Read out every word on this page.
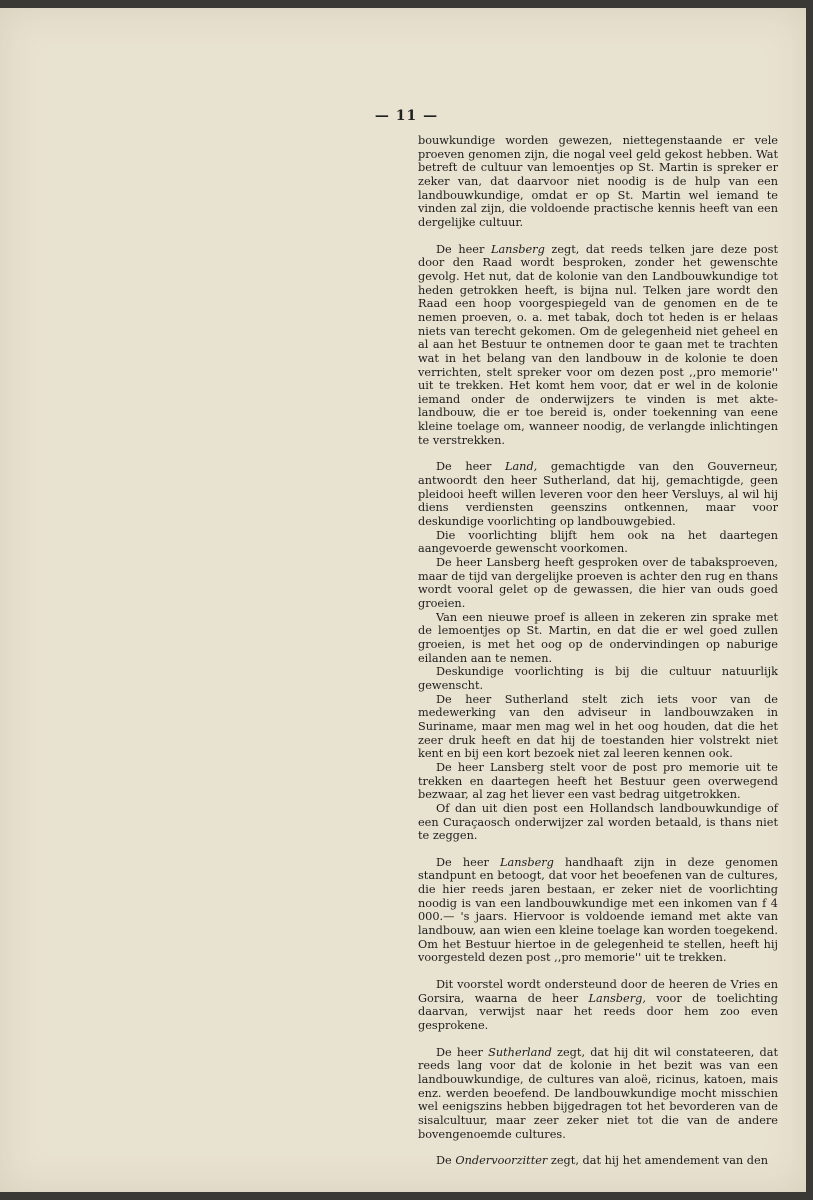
— 11 —

bouwkundige worden gewezen, niettegenstaande er vele proeven genomen zijn, die nogal veel geld gekost hebben. Wat betreft de cultuur van lemoentjes op St. Martin is spreker er zeker van, dat daarvoor niet noodig is de hulp van een landbouwkundige, omdat er op St. Martin wel iemand te vinden zal zijn, die voldoende practische kennis heeft van een dergelijke cultuur.

De heer Lansberg zegt, dat reeds telken jare deze post door den Raad wordt besproken, zonder het gewenschte gevolg. Het nut, dat de kolonie van den Landbouwkundige tot heden getrokken heeft, is bijna nul. Telken jare wordt den Raad een hoop voorgespiegeld van de genomen en de te nemen proeven, o. a. met tabak, doch tot heden is er helaas niets van terecht gekomen. Om de gelegenheid niet geheel en al aan het Bestuur te ontnemen door te gaan met te trachten wat in het belang van den landbouw in de kolonie te doen verrichten, stelt spreker voor om dezen post ,,pro memorie'' uit te trekken. Het komt hem voor, dat er wel in de kolonie iemand onder de onderwijzers te vinden is met akte-landbouw, die er toe bereid is, onder toekenning van eene kleine toelage om, wanneer noodig, de verlangde inlichtingen te verstrekken.

De heer Land, gemachtigde van den Gouverneur, antwoordt den heer Sutherland, dat hij, gemachtigde, geen pleidooi heeft willen leveren voor den heer Versluys, al wil hij diens verdiensten geenszins ontkennen, maar voor deskundige voorlichting op landbouwgebied.

Die voorlichting blijft hem ook na het daartegen aangevoerde gewenscht voorkomen.

De heer Lansberg heeft gesproken over de tabaksproeven, maar de tijd van dergelijke proeven is achter den rug en thans wordt vooral gelet op de gewassen, die hier van ouds goed groeien.

Van een nieuwe proef is alleen in zekeren zin sprake met de lemoentjes op St. Martin, en dat die er wel goed zullen groeien, is met het oog op de ondervindingen op naburige eilanden aan te nemen.

Deskundige voorlichting is bij die cultuur natuurlijk gewenscht.

De heer Sutherland stelt zich iets voor van de medewerking van den adviseur in landbouwzaken in Suriname, maar men mag wel in het oog houden, dat die het zeer druk heeft en dat hij de toestanden hier volstrekt niet kent en bij een kort bezoek niet zal leeren kennen ook.

De heer Lansberg stelt voor de post pro memorie uit te trekken en daartegen heeft het Bestuur geen overwegend bezwaar, al zag het liever een vast bedrag uitgetrokken.

Of dan uit dien post een Hollandsch landbouwkundige of een Curaçaosch onderwijzer zal worden betaald, is thans niet te zeggen.

De heer Lansberg handhaaft zijn in deze genomen standpunt en betoogt, dat voor het beoefenen van de cultures, die hier reeds jaren bestaan, er zeker niet de voorlichting noodig is van een landbouwkundige met een inkomen van f 4 000.— 's jaars. Hiervoor is voldoende iemand met akte van landbouw, aan wien een kleine toelage kan worden toegekend. Om het Bestuur hiertoe in de gelegenheid te stellen, heeft hij voorgesteld dezen post ,,pro memorie'' uit te trekken.

Dit voorstel wordt ondersteund door de heeren de Vries en Gorsira, waarna de heer Lansberg, voor de toelichting daarvan, verwijst naar het reeds door hem zoo even gesprokene.

De heer Sutherland zegt, dat hij dit wil constateeren, dat reeds lang voor dat de kolonie in het bezit was van een landbouwkundige, de cultures van aloë, ricinus, katoen, mais enz. werden beoefend. De landbouwkundige mocht misschien wel eenigszins hebben bijgedragen tot het bevorderen van de sisalcultuur, maar zeer zeker niet tot die van de andere bovengenoemde cultures.

De Ondervoorzitter zegt, dat hij het amendement van den
